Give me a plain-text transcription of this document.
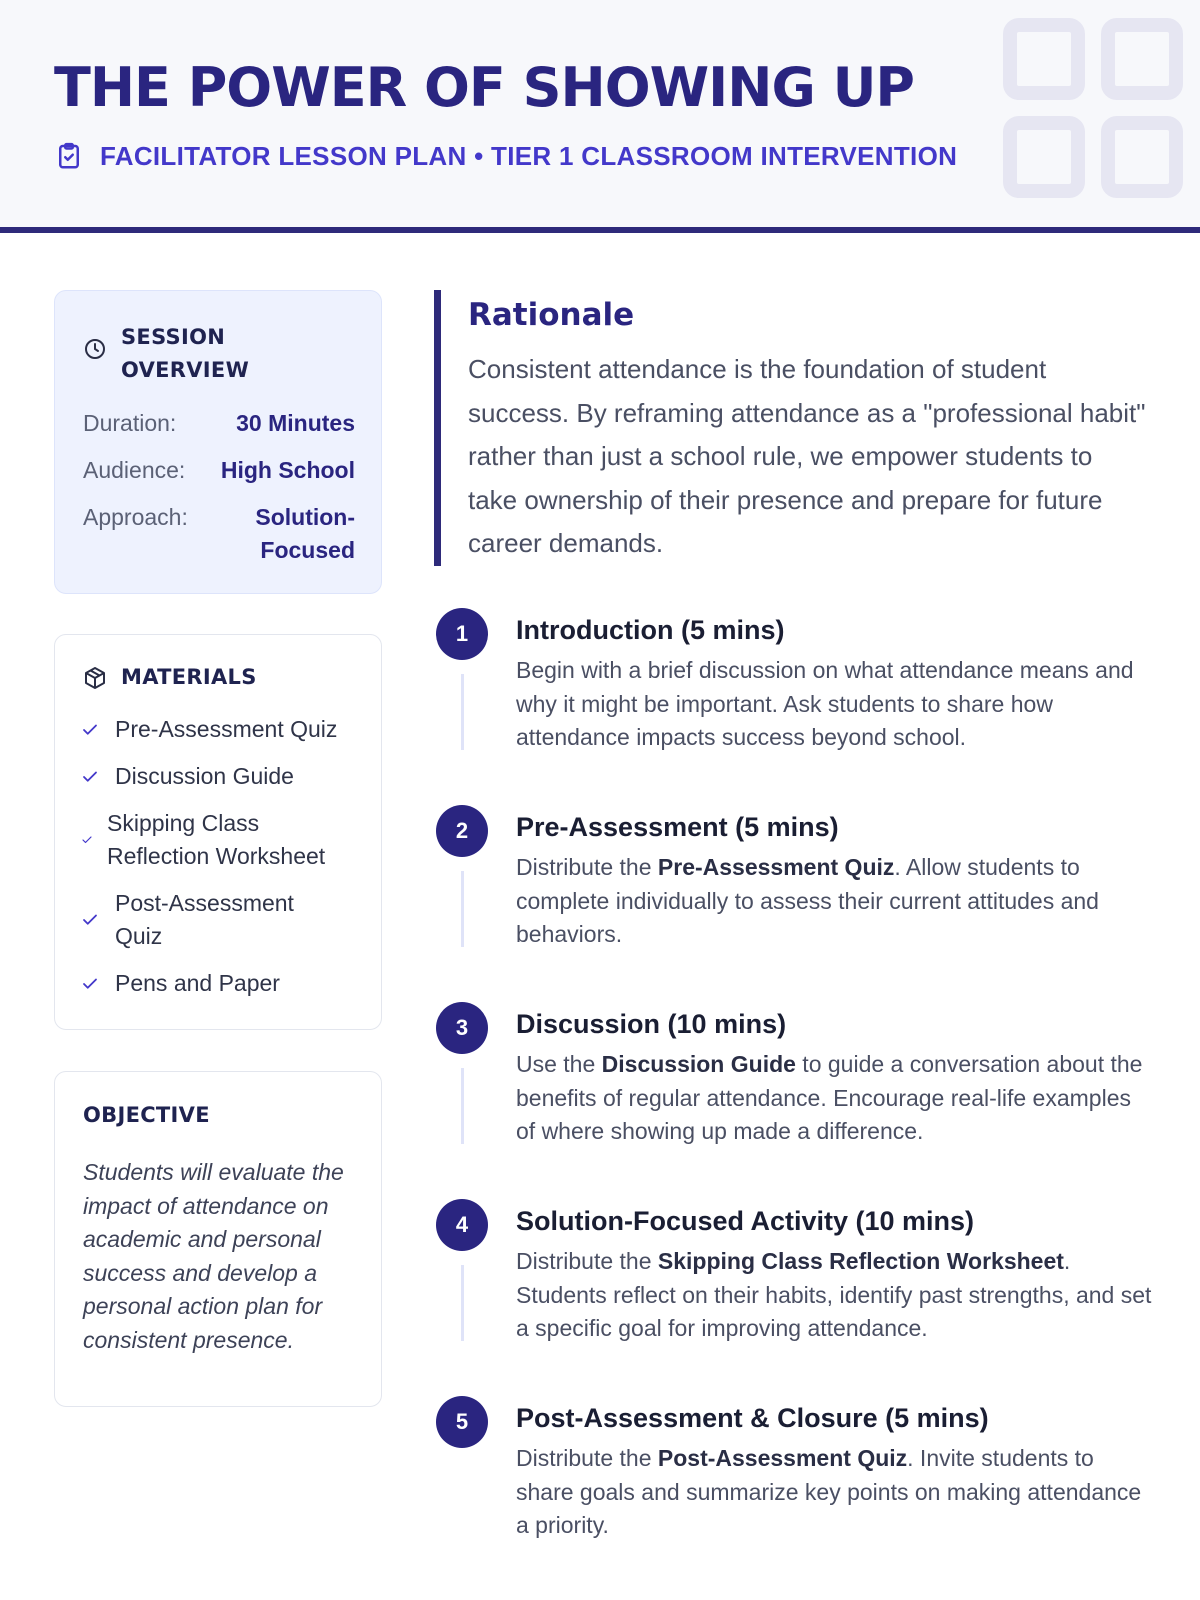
THE POWER OF SHOWING UP
FACILITATOR LESSON PLAN • TIER 1 CLASSROOM INTERVENTION
SESSION OVERVIEW
Duration:	30 Minutes
Audience: High School
Approach:	Solution-Focused
MATERIALS
Pre-Assessment Quiz
Discussion Guide
Skipping Class Reflection Worksheet
Post-Assessment Quiz
Pens and Paper
OBJECTIVE
Students will evaluate the impact of attendance on academic and personal success and develop a personal action plan for consistent presence.
Rationale
Consistent attendance is the foundation of student success. By reframing attendance as a "professional habit" rather than just a school rule, we empower students to take ownership of their presence and prepare for future career demands.
1	Introduction (5 mins)
Begin with a brief discussion on what attendance means and why it might be important. Ask students to share how attendance impacts success beyond school.
2	Pre-Assessment (5 mins)
Distribute the Pre-Assessment Quiz. Allow students to complete individually to assess their current attitudes and behaviors.
3	Discussion (10 mins)
Use the Discussion Guide to guide a conversation about the benefits of regular attendance. Encourage real-life examples of where showing up made a difference.
4	Solution-Focused Activity (10 mins)
Distribute the Skipping Class Reflection Worksheet. Students reflect on their habits, identify past strengths, and set a specific goal for improving attendance.
5	Post-Assessment & Closure (5 mins)
Distribute the Post-Assessment Quiz. Invite students to share goals and summarize key points on making attendance a priority.
